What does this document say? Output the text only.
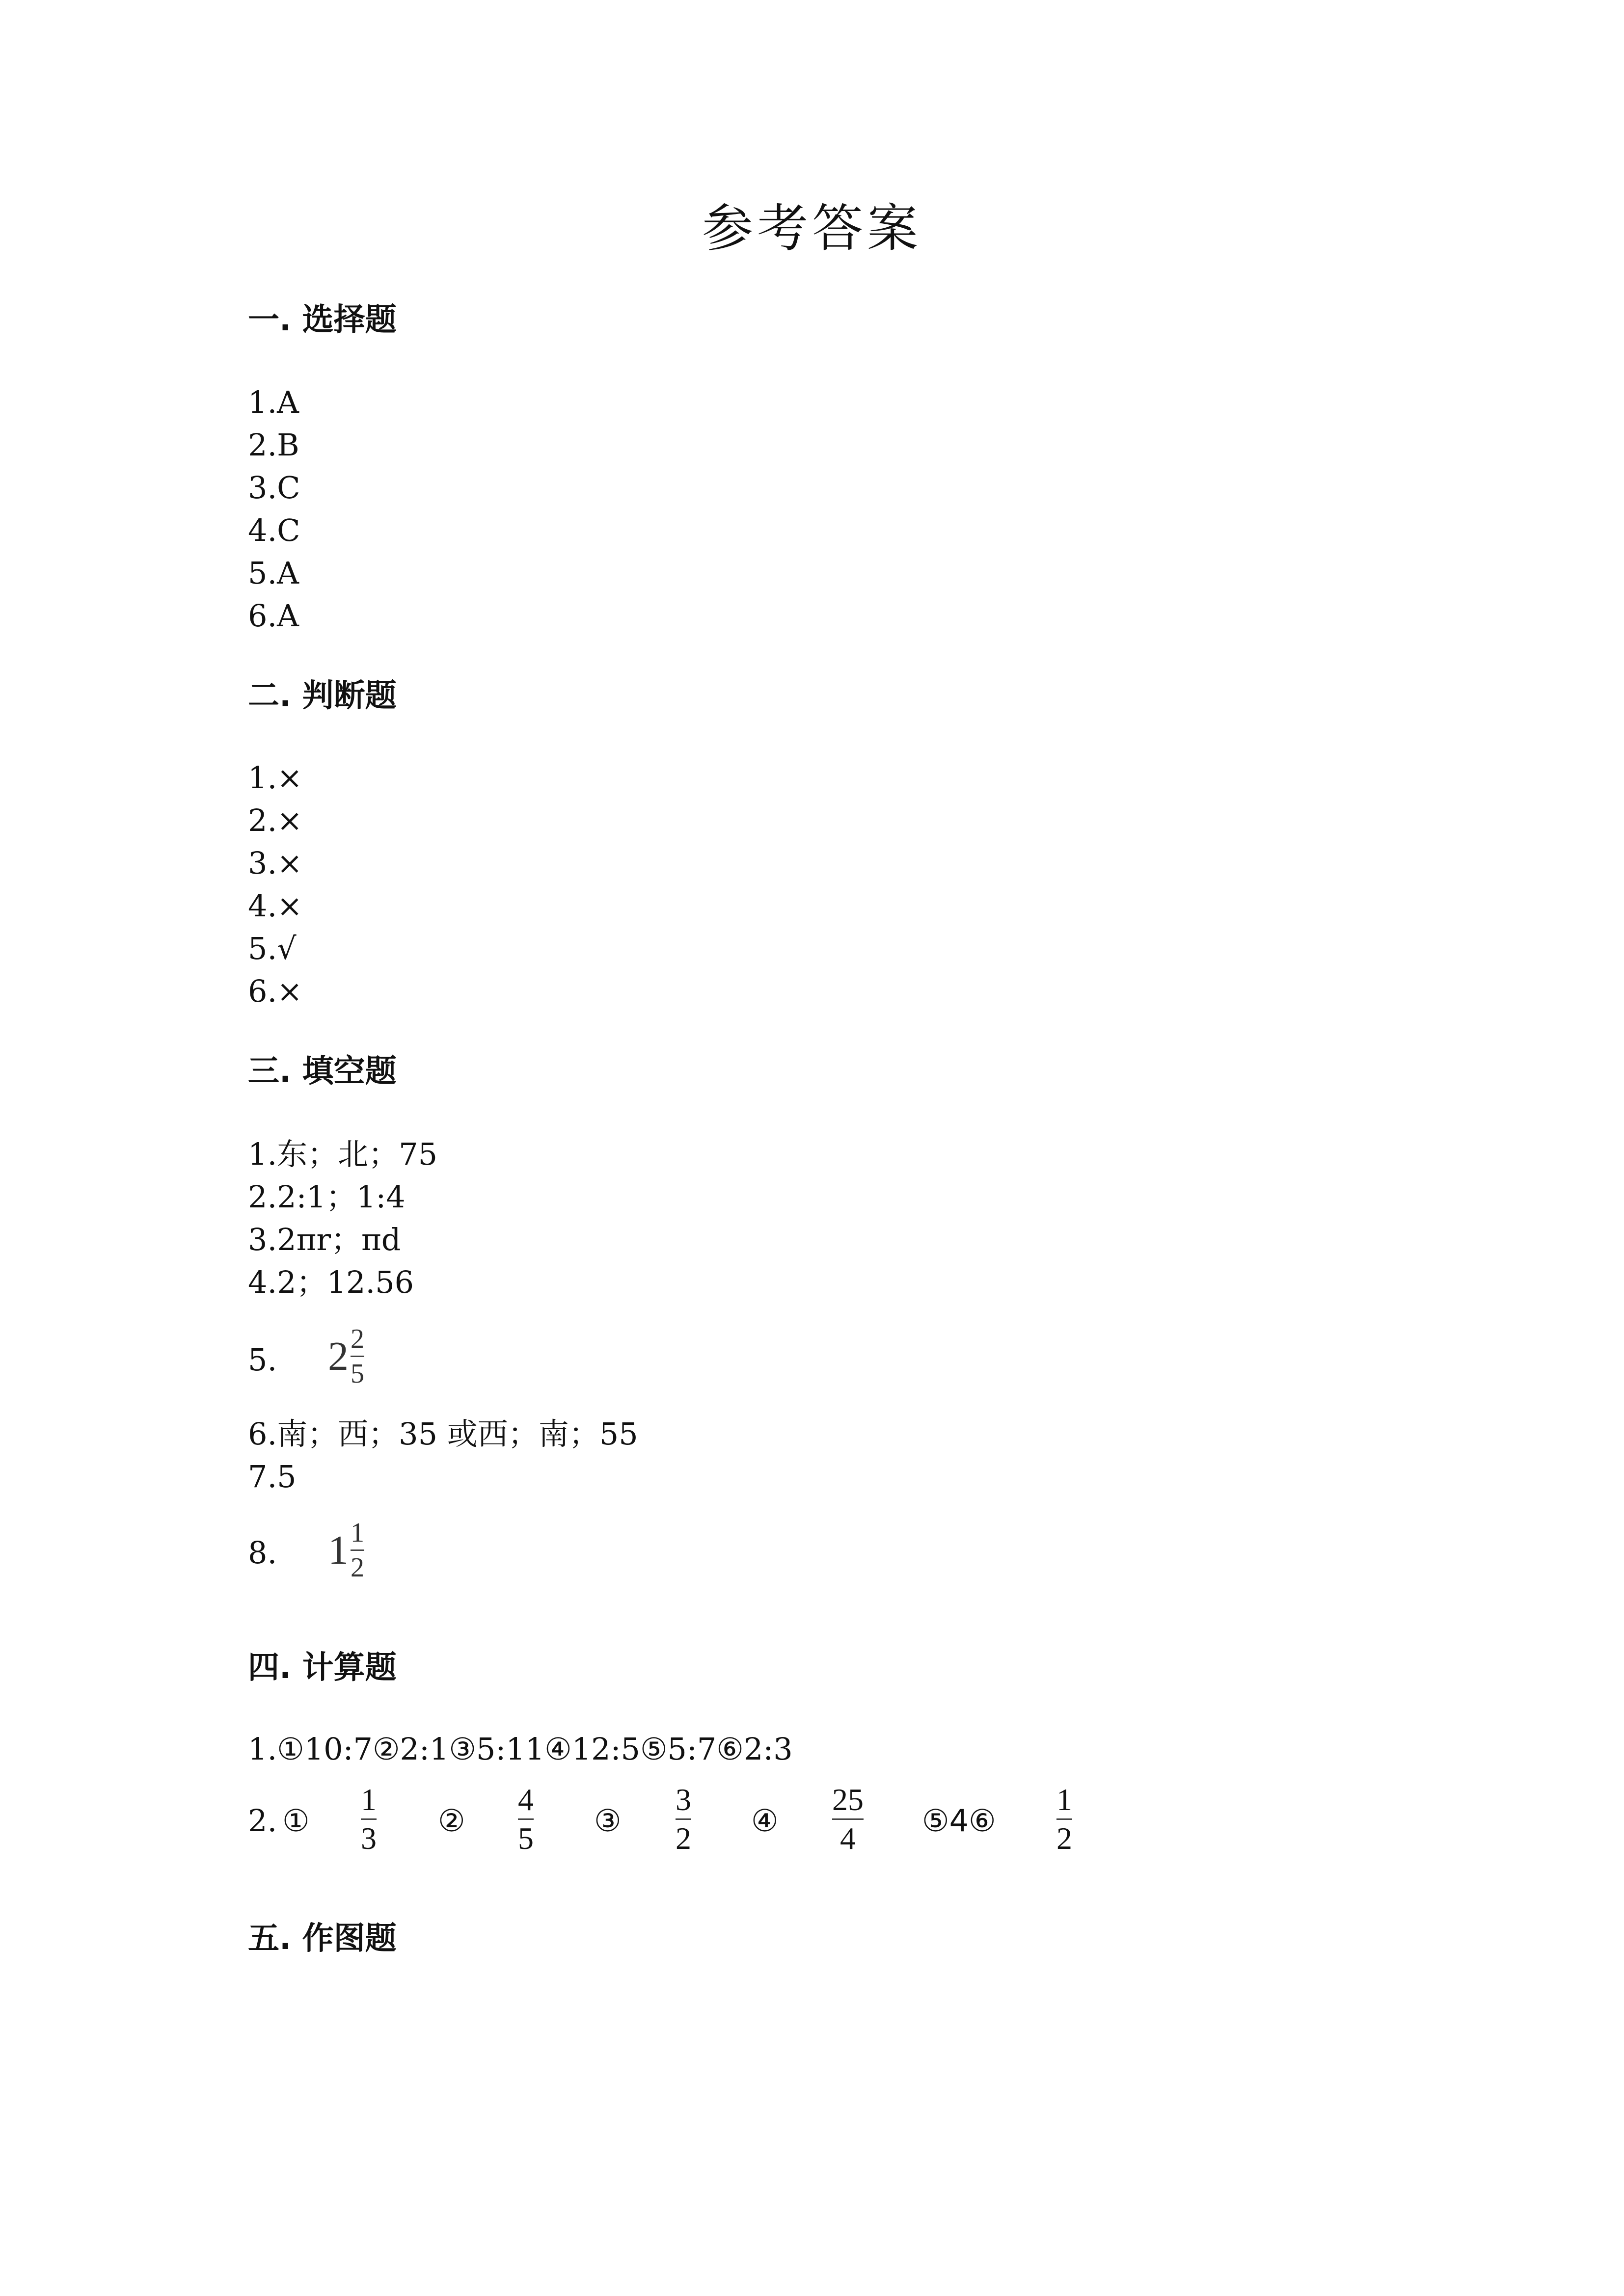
参考答案
一. 选择题
1.A
2.B
3.C
4.C
5.A
6.A
二. 判断题
1.×
2.×
3.×
4.×
5.√
6.×
三. 填空题
1.东；北；75
2.2:1；1:4
3.2πr；πd
4.2；12.56
5. $2 \frac{2}{5}$
6.南；西；35 或西；南；55
7.5
8. $1 \frac{1}{2}$
四. 计算题
1.①10:7②2:1③5:11④12:5⑤5:7⑥2:3
2. ①
1
3 ②
4
5 ③
3
2 ④
25
4 ⑤4⑥
1
2
五. 作图题
